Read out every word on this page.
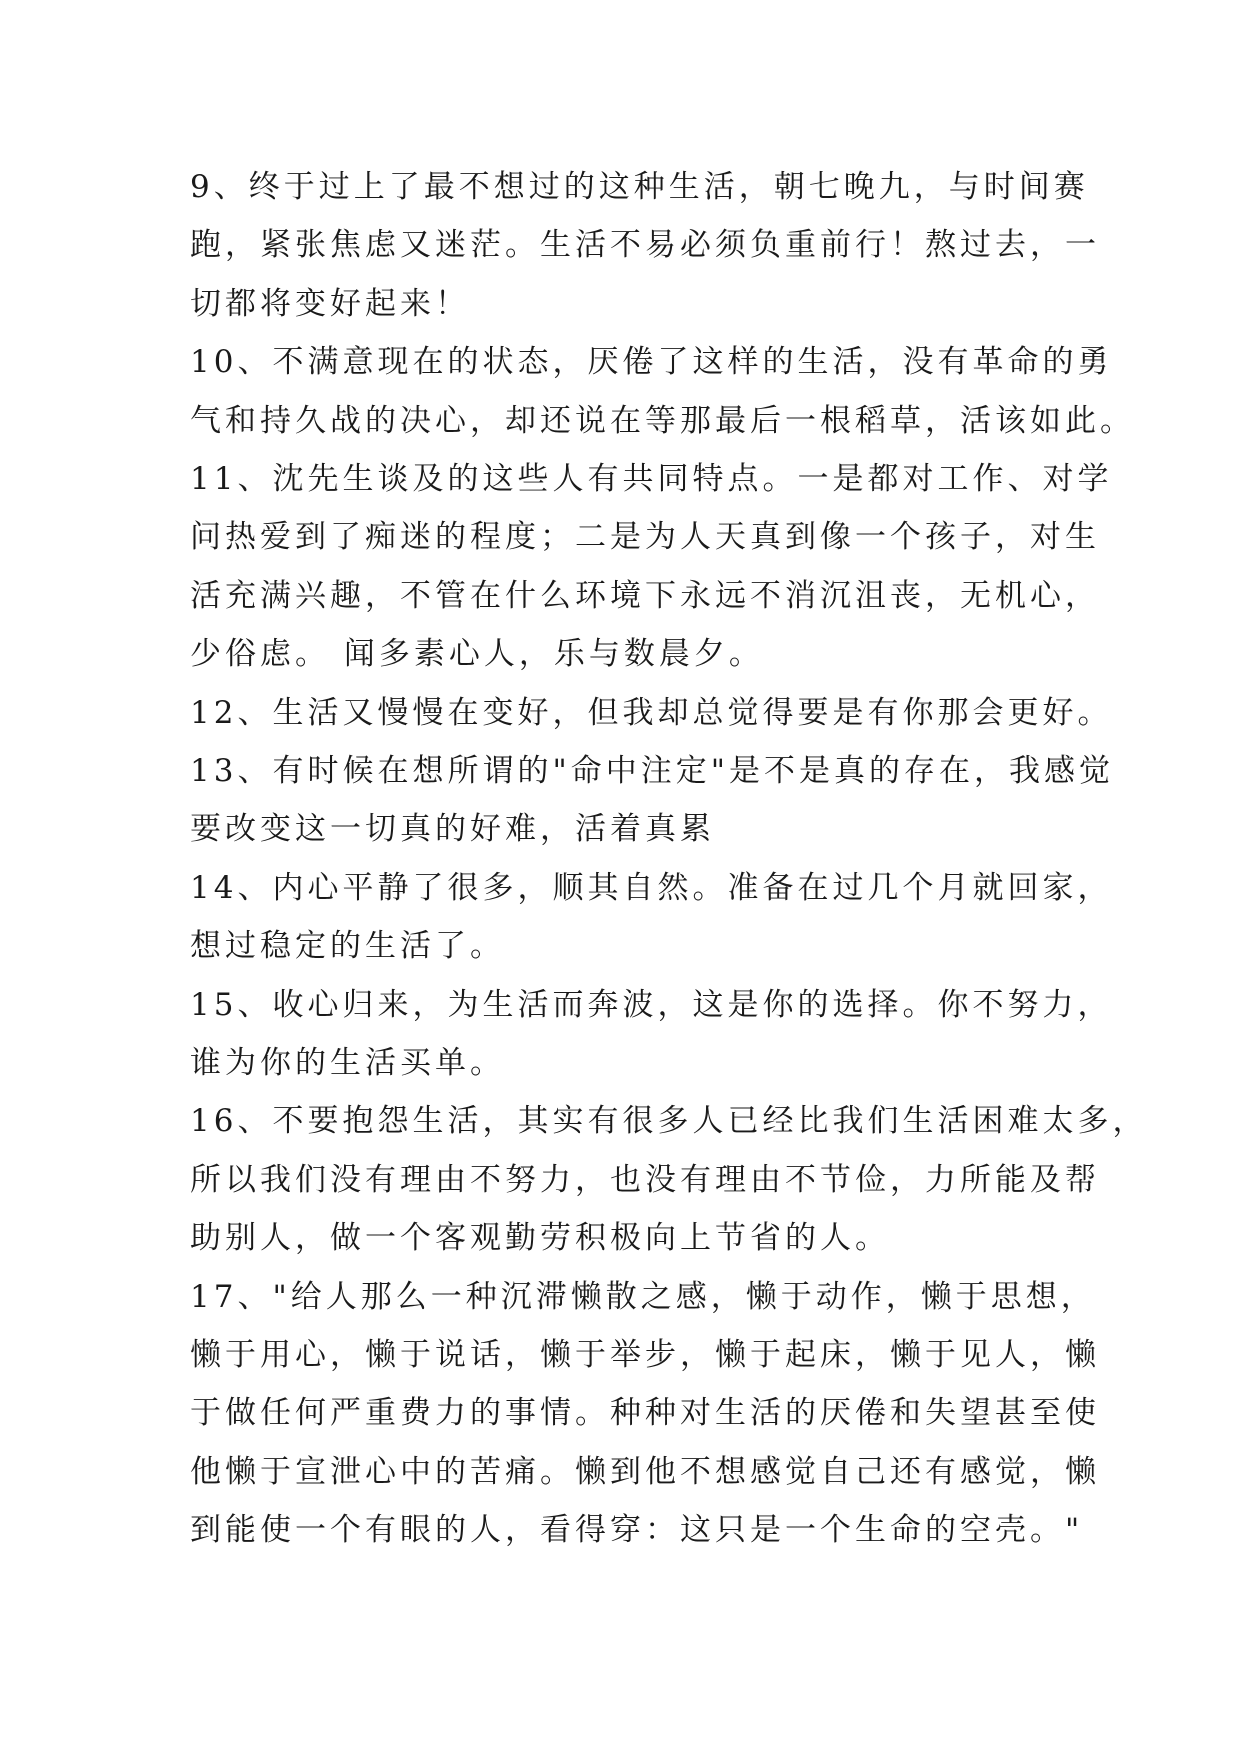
9、终于过上了最不想过的这种生活，朝七晚九，与时间赛
跑，紧张焦虑又迷茫。生活不易必须负重前行！熬过去，一
切都将变好起来！
10、不满意现在的状态，厌倦了这样的生活，没有革命的勇
气和持久战的决心，却还说在等那最后一根稻草，活该如此。
11、沈先生谈及的这些人有共同特点。一是都对工作、对学
问热爱到了痴迷的程度；二是为人天真到像一个孩子，对生
活充满兴趣，不管在什么环境下永远不消沉沮丧，无机心，
少俗虑。 闻多素心人，乐与数晨夕。
12、生活又慢慢在变好，但我却总觉得要是有你那会更好。
13、有时候在想所谓的"命中注定"是不是真的存在，我感觉
要改变这一切真的好难，活着真累
14、内心平静了很多，顺其自然。准备在过几个月就回家，
想过稳定的生活了。
15、收心归来，为生活而奔波，这是你的选择。你不努力，
谁为你的生活买单。
16、不要抱怨生活，其实有很多人已经比我们生活困难太多，
所以我们没有理由不努力，也没有理由不节俭，力所能及帮
助别人，做一个客观勤劳积极向上节省的人。
17、"给人那么一种沉滞懒散之感，懒于动作，懒于思想，
懒于用心，懒于说话，懒于举步，懒于起床，懒于见人，懒
于做任何严重费力的事情。种种对生活的厌倦和失望甚至使
他懒于宣泄心中的苦痛。懒到他不想感觉自己还有感觉，懒
到能使一个有眼的人，看得穿：这只是一个生命的空壳。"
